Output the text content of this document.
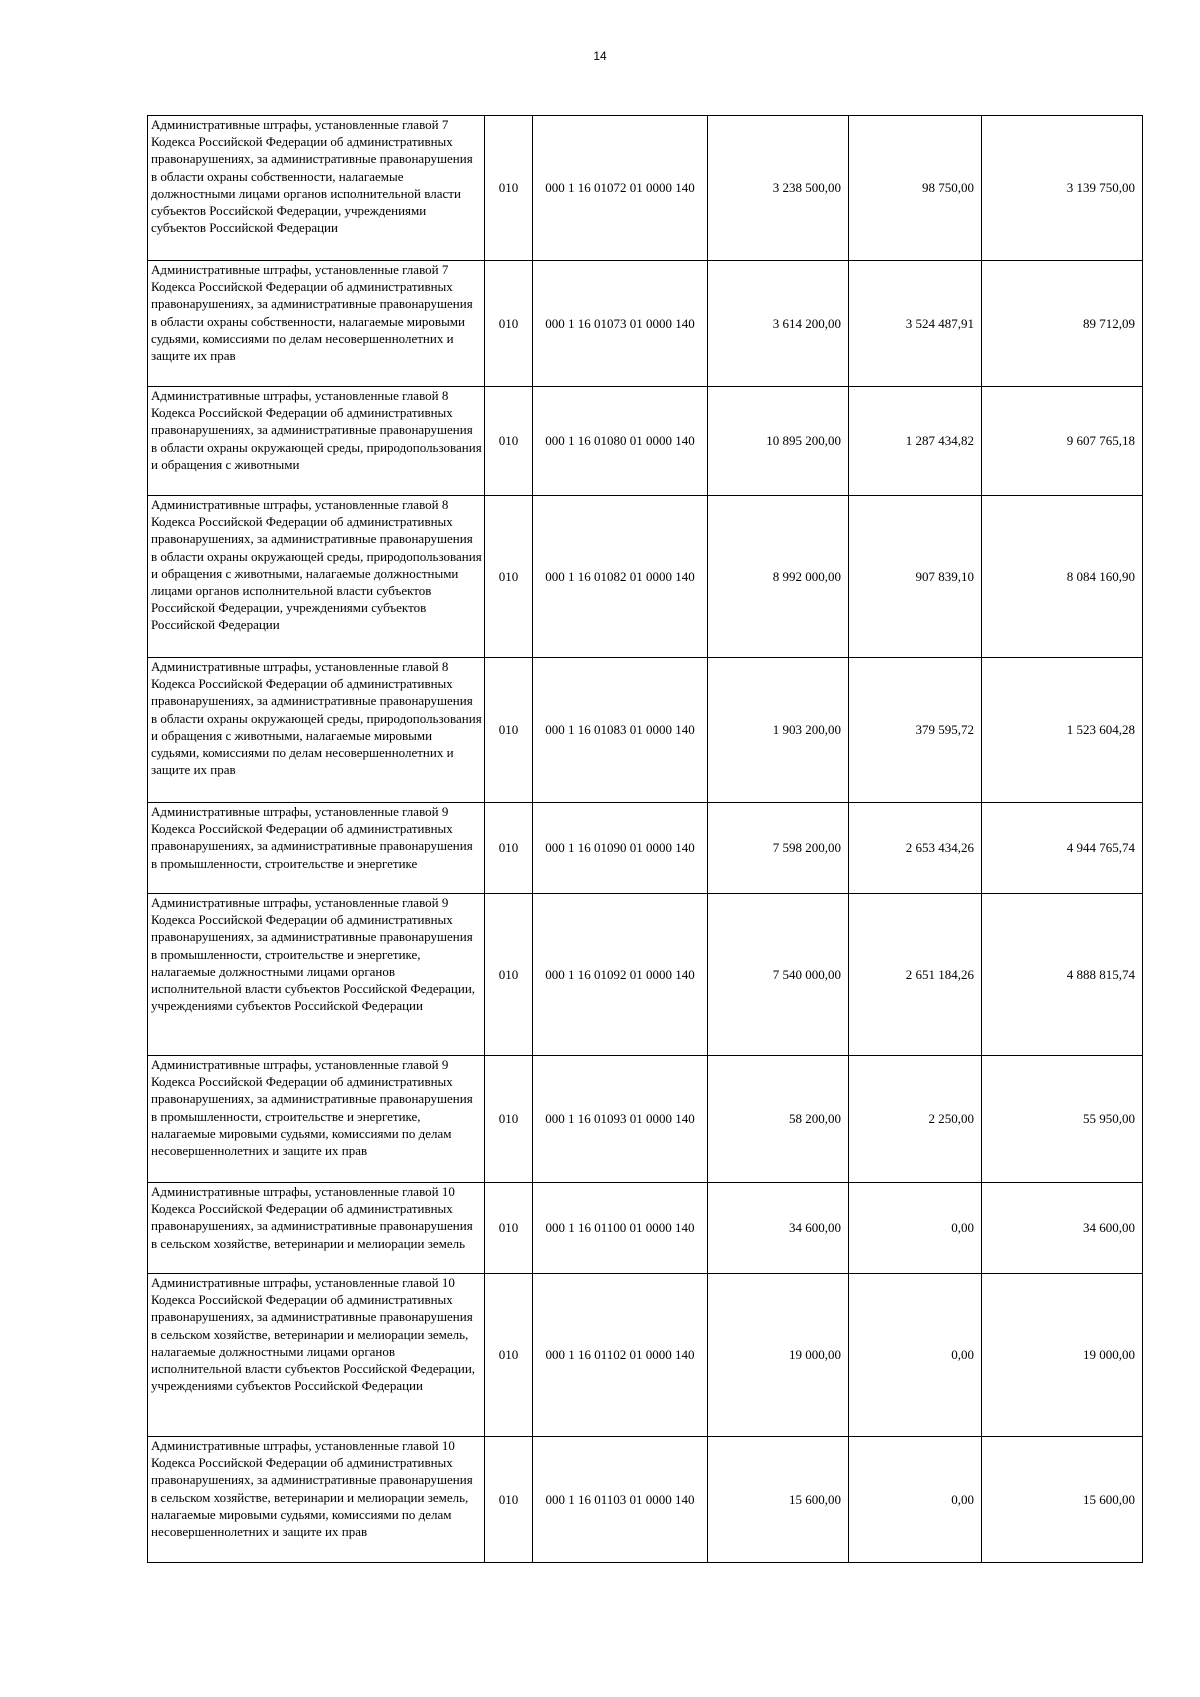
14
Административные штрафы, установленные главой 7 Кодекса Российской Федерации об административных правонарушениях, за административные правонарушения в области охраны собственности, налагаемые должностными лицами органов исполнительной власти субъектов Российской Федерации, учреждениями субъектов Российской Федерации	010	000 1 16 01072 01 0000 140	3 238 500,00	98 750,00	3 139 750,00
Административные штрафы, установленные главой 7 Кодекса Российской Федерации об административных правонарушениях, за административные правонарушения в области охраны собственности, налагаемые мировыми судьями, комиссиями по делам несовершеннолетних и защите их прав	010	000 1 16 01073 01 0000 140	3 614 200,00	3 524 487,91	89 712,09
Административные штрафы, установленные главой 8 Кодекса Российской Федерации об административных правонарушениях, за административные правонарушения в области охраны окружающей среды, природопользования и обращения с животными	010	000 1 16 01080 01 0000 140	10 895 200,00	1 287 434,82	9 607 765,18
Административные штрафы, установленные главой 8 Кодекса Российской Федерации об административных правонарушениях, за административные правонарушения в области охраны окружающей среды, природопользования и обращения с животными, налагаемые должностными лицами органов исполнительной власти субъектов Российской Федерации, учреждениями субъектов Российской Федерации	010	000 1 16 01082 01 0000 140	8 992 000,00	907 839,10	8 084 160,90
Административные штрафы, установленные главой 8 Кодекса Российской Федерации об административных правонарушениях, за административные правонарушения в области охраны окружающей среды, природопользования и обращения с животными, налагаемые мировыми судьями, комиссиями по делам несовершеннолетних и защите их прав	010	000 1 16 01083 01 0000 140	1 903 200,00	379 595,72	1 523 604,28
Административные штрафы, установленные главой 9 Кодекса Российской Федерации об административных правонарушениях, за административные правонарушения в промышленности, строительстве и энергетике	010	000 1 16 01090 01 0000 140	7 598 200,00	2 653 434,26	4 944 765,74
Административные штрафы, установленные главой 9 Кодекса Российской Федерации об административных правонарушениях, за административные правонарушения в промышленности, строительстве и энергетике, налагаемые должностными лицами органов исполнительной власти субъектов Российской Федерации, учреждениями субъектов Российской Федерации	010	000 1 16 01092 01 0000 140	7 540 000,00	2 651 184,26	4 888 815,74
Административные штрафы, установленные главой 9 Кодекса Российской Федерации об административных правонарушениях, за административные правонарушения в промышленности, строительстве и энергетике, налагаемые мировыми судьями, комиссиями по делам несовершеннолетних и защите их прав	010	000 1 16 01093 01 0000 140	58 200,00	2 250,00	55 950,00
Административные штрафы, установленные главой 10 Кодекса Российской Федерации об административных правонарушениях, за административные правонарушения в сельском хозяйстве, ветеринарии и мелиорации земель	010	000 1 16 01100 01 0000 140	34 600,00	0,00	34 600,00
Административные штрафы, установленные главой 10 Кодекса Российской Федерации об административных правонарушениях, за административные правонарушения в сельском хозяйстве, ветеринарии и мелиорации земель, налагаемые должностными лицами органов исполнительной власти субъектов Российской Федерации, учреждениями субъектов Российской Федерации	010	000 1 16 01102 01 0000 140	19 000,00	0,00	19 000,00
Административные штрафы, установленные главой 10 Кодекса Российской Федерации об административных правонарушениях, за административные правонарушения в сельском хозяйстве, ветеринарии и мелиорации земель, налагаемые мировыми судьями, комиссиями по делам несовершеннолетних и защите их прав	010	000 1 16 01103 01 0000 140	15 600,00	0,00	15 600,00
